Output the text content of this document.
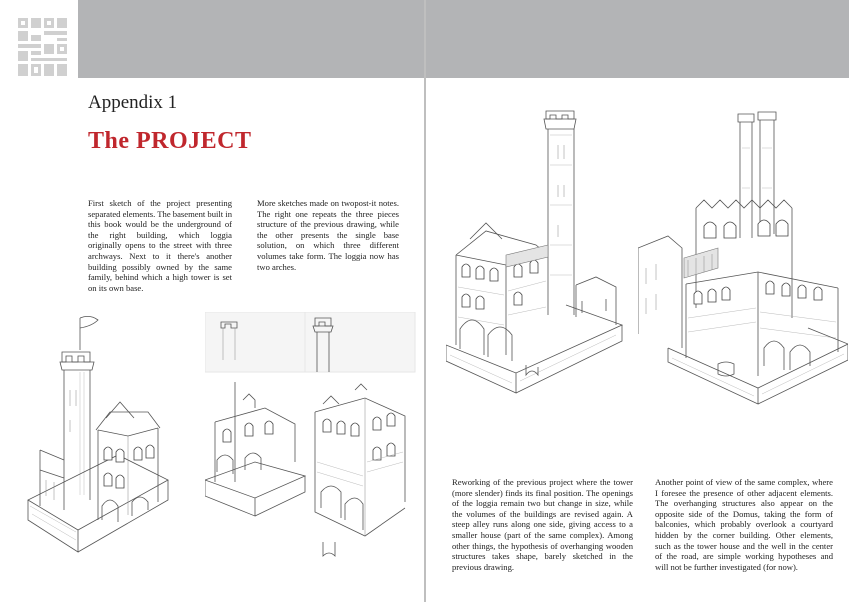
Appendix 1
The PROJECT
First sketch of the project presenting separated elements. The basement built in this book would be the underground of the right building, which loggia originally opens to the street with three archways. Next to it there's another building possibly owned by the same family, behind which a high tower is set on its own base.
More sketches made on twopost-it notes. The right one repeats the three pieces structure of the previous drawing, while the other presents the single base solution, on which three different volumes take form. The loggia now has two arches.
Reworking of the previous project where the tower (more slender) finds its final position. The openings of the loggia remain two but change in size, while the volumes of the buildings are revised again. A steep alley runs along one side, giving access to a smaller house (part of the same complex). Among other things, the hypothesis of overhanging wooden structures takes shape, barely sketched in the previous drawing.
Another point of view of the same complex, where I foresee the presence of other adjacent elements. The overhanging structures also appear on the opposite side of the Domus, taking the form of balconies, which probably overlook a courtyard hidden by the corner building. Other elements, such as the tower house and the well in the center of the road, are simple working hypotheses and will not be further investigated (for now).
